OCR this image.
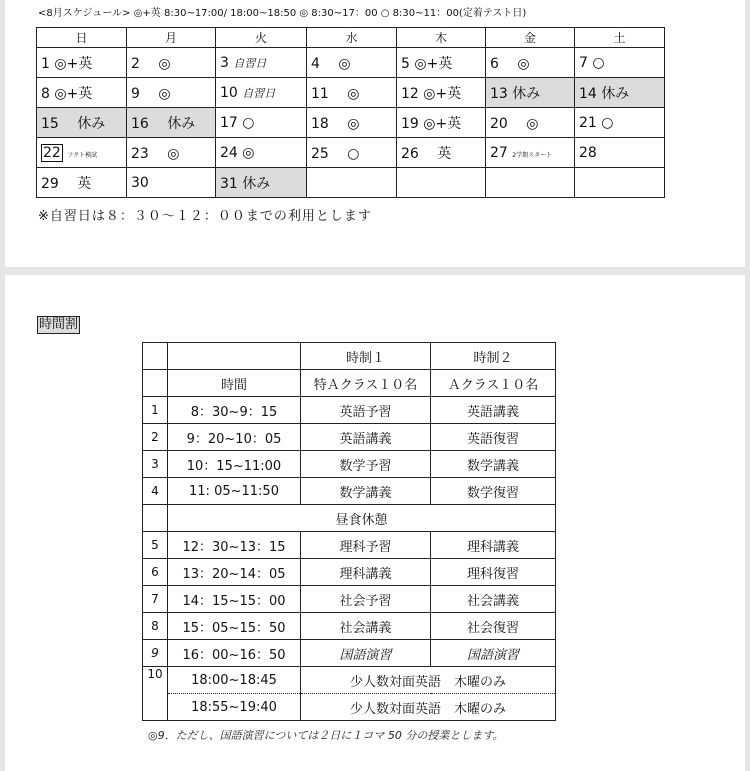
<8月スケジュール> ◎+英 8:30~17:00/ 18:00~18:50 ◎ 8:30~17：00 ○ 8:30~11：00(定着テスト日)
日	月	火	水	木	金	土
1 ◎+英	2 　◎	3 自習日	4 　◎	5 ◎+英	6 　◎	7 ○
8 ◎+英	9 　◎	10 自習日	11 　◎	12 ◎+英	13 休み	14 休み
15 　休み	16 　休み	17 ○	18 　◎	19 ◎+英	20 　◎	21 ○
22 フクト模試	23 　◎	24 ◎	25 　○	26 　英	27 2学期スタート	28
29 　英	30	31 休み				
※自習日は８：３０～１２：００までの利用とします
時間割
		時制１	時制２
	時間	特Ａクラス１０名	Ａクラス１０名
1	8：30~9：15	英語予習	英語講義
2	9：20~10：05	英語講義	英語復習
3	10：15~11:00	数学予習	数学講義
4	11: 05~11:50	数学講義	数学復習
	昼食休憩		
5	12：30~13：15	理科予習	理科講義
6	13：20~14：05	理科講義	理科復習
7	14：15~15：00	社会予習	社会講義
8	15：05~15：50	社会講義	社会復習
9	16：00~16：50	国語演習	国語演習
10	18:00~18:45	少人数対面英語　木曜のみ	
	18:55~19:40	少人数対面英語　木曜のみ	
◎9．ただし、国語演習については２日に１コマ 50 分の授業とします。
